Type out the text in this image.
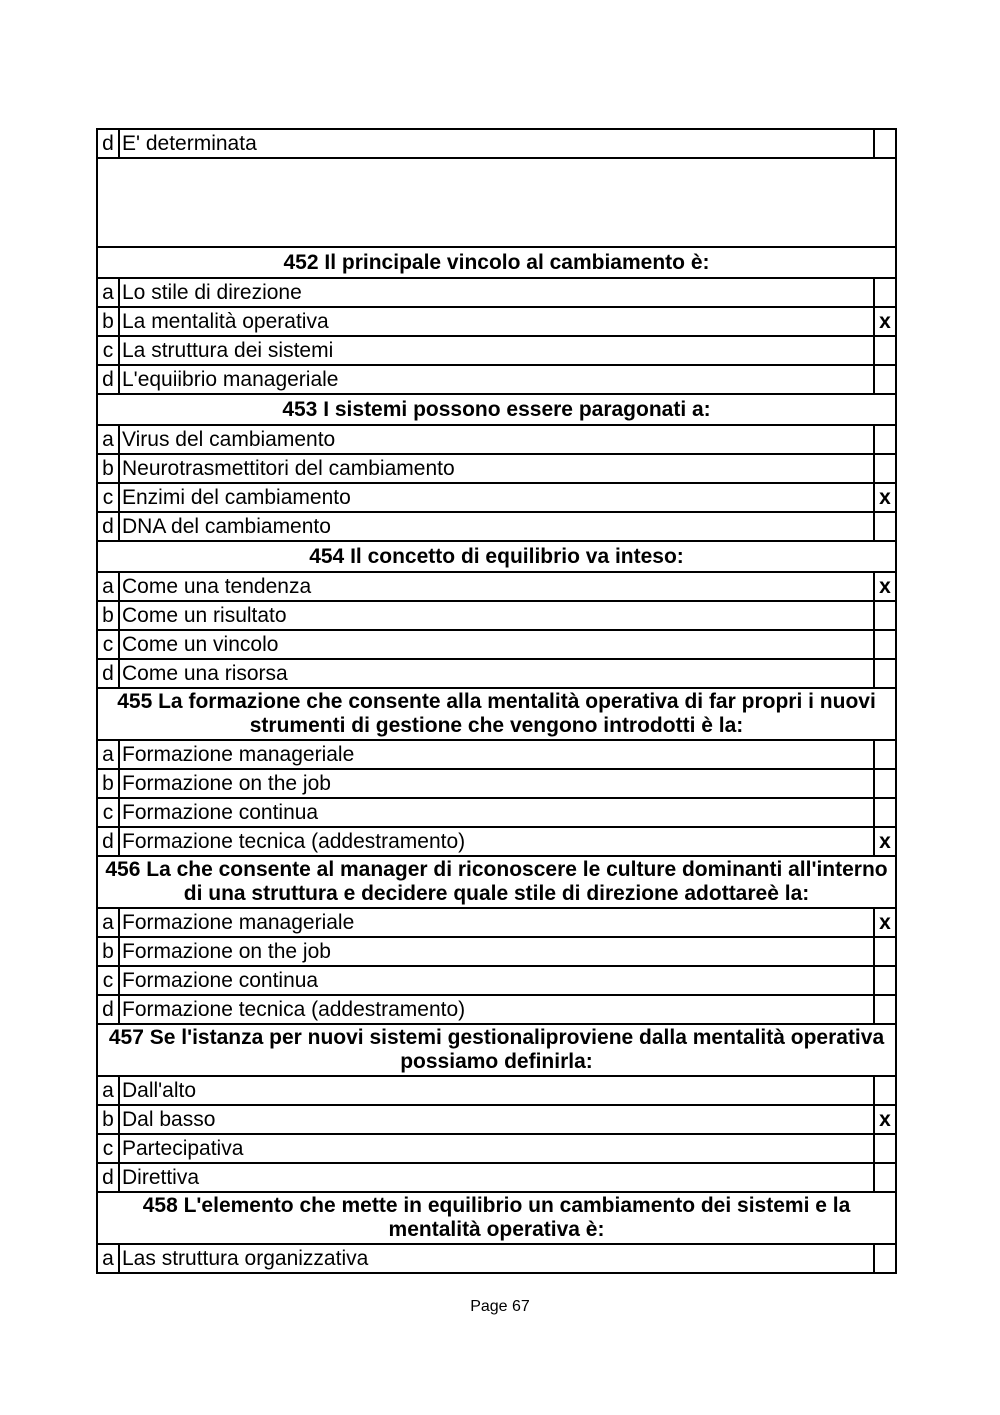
d	E' determinata	

452 Il principale vincolo al cambiamento è:		
a	Lo stile di direzione	
b	La mentalità operativa	x
c	La struttura dei sistemi	
d	L'equiibrio manageriale	
453 I sistemi possono essere paragonati a:		
a	Virus del cambiamento	
b	Neurotrasmettitori del cambiamento	
c	Enzimi del cambiamento	x
d	DNA del cambiamento	
454 Il concetto di equilibrio va inteso:		
a	Come una tendenza	x
b	Come un risultato	
c	Come un vincolo	
d	Come una risorsa	
455 La formazione che consente alla mentalità operativa di far propri i nuovi strumenti di gestione che vengono introdotti è la:		
a	Formazione manageriale	
b	Formazione on the job	
c	Formazione continua	
d	Formazione tecnica (addestramento)	x
456 La che consente al manager di riconoscere le culture dominanti all'interno di una struttura e decidere quale stile di direzione adottareè la:		
a	Formazione manageriale	x
b	Formazione on the job	
c	Formazione continua	
d	Formazione tecnica (addestramento)	
457 Se l'istanza per nuovi sistemi gestionaliproviene dalla mentalità operativa possiamo definirla:		
a	Dall'alto	
b	Dal basso	x
c	Partecipativa	
d	Direttiva	
458 L'elemento che mette in equilibrio un cambiamento dei sistemi e la mentalità operativa è:		
a	Las struttura organizzativa	
Page 67
